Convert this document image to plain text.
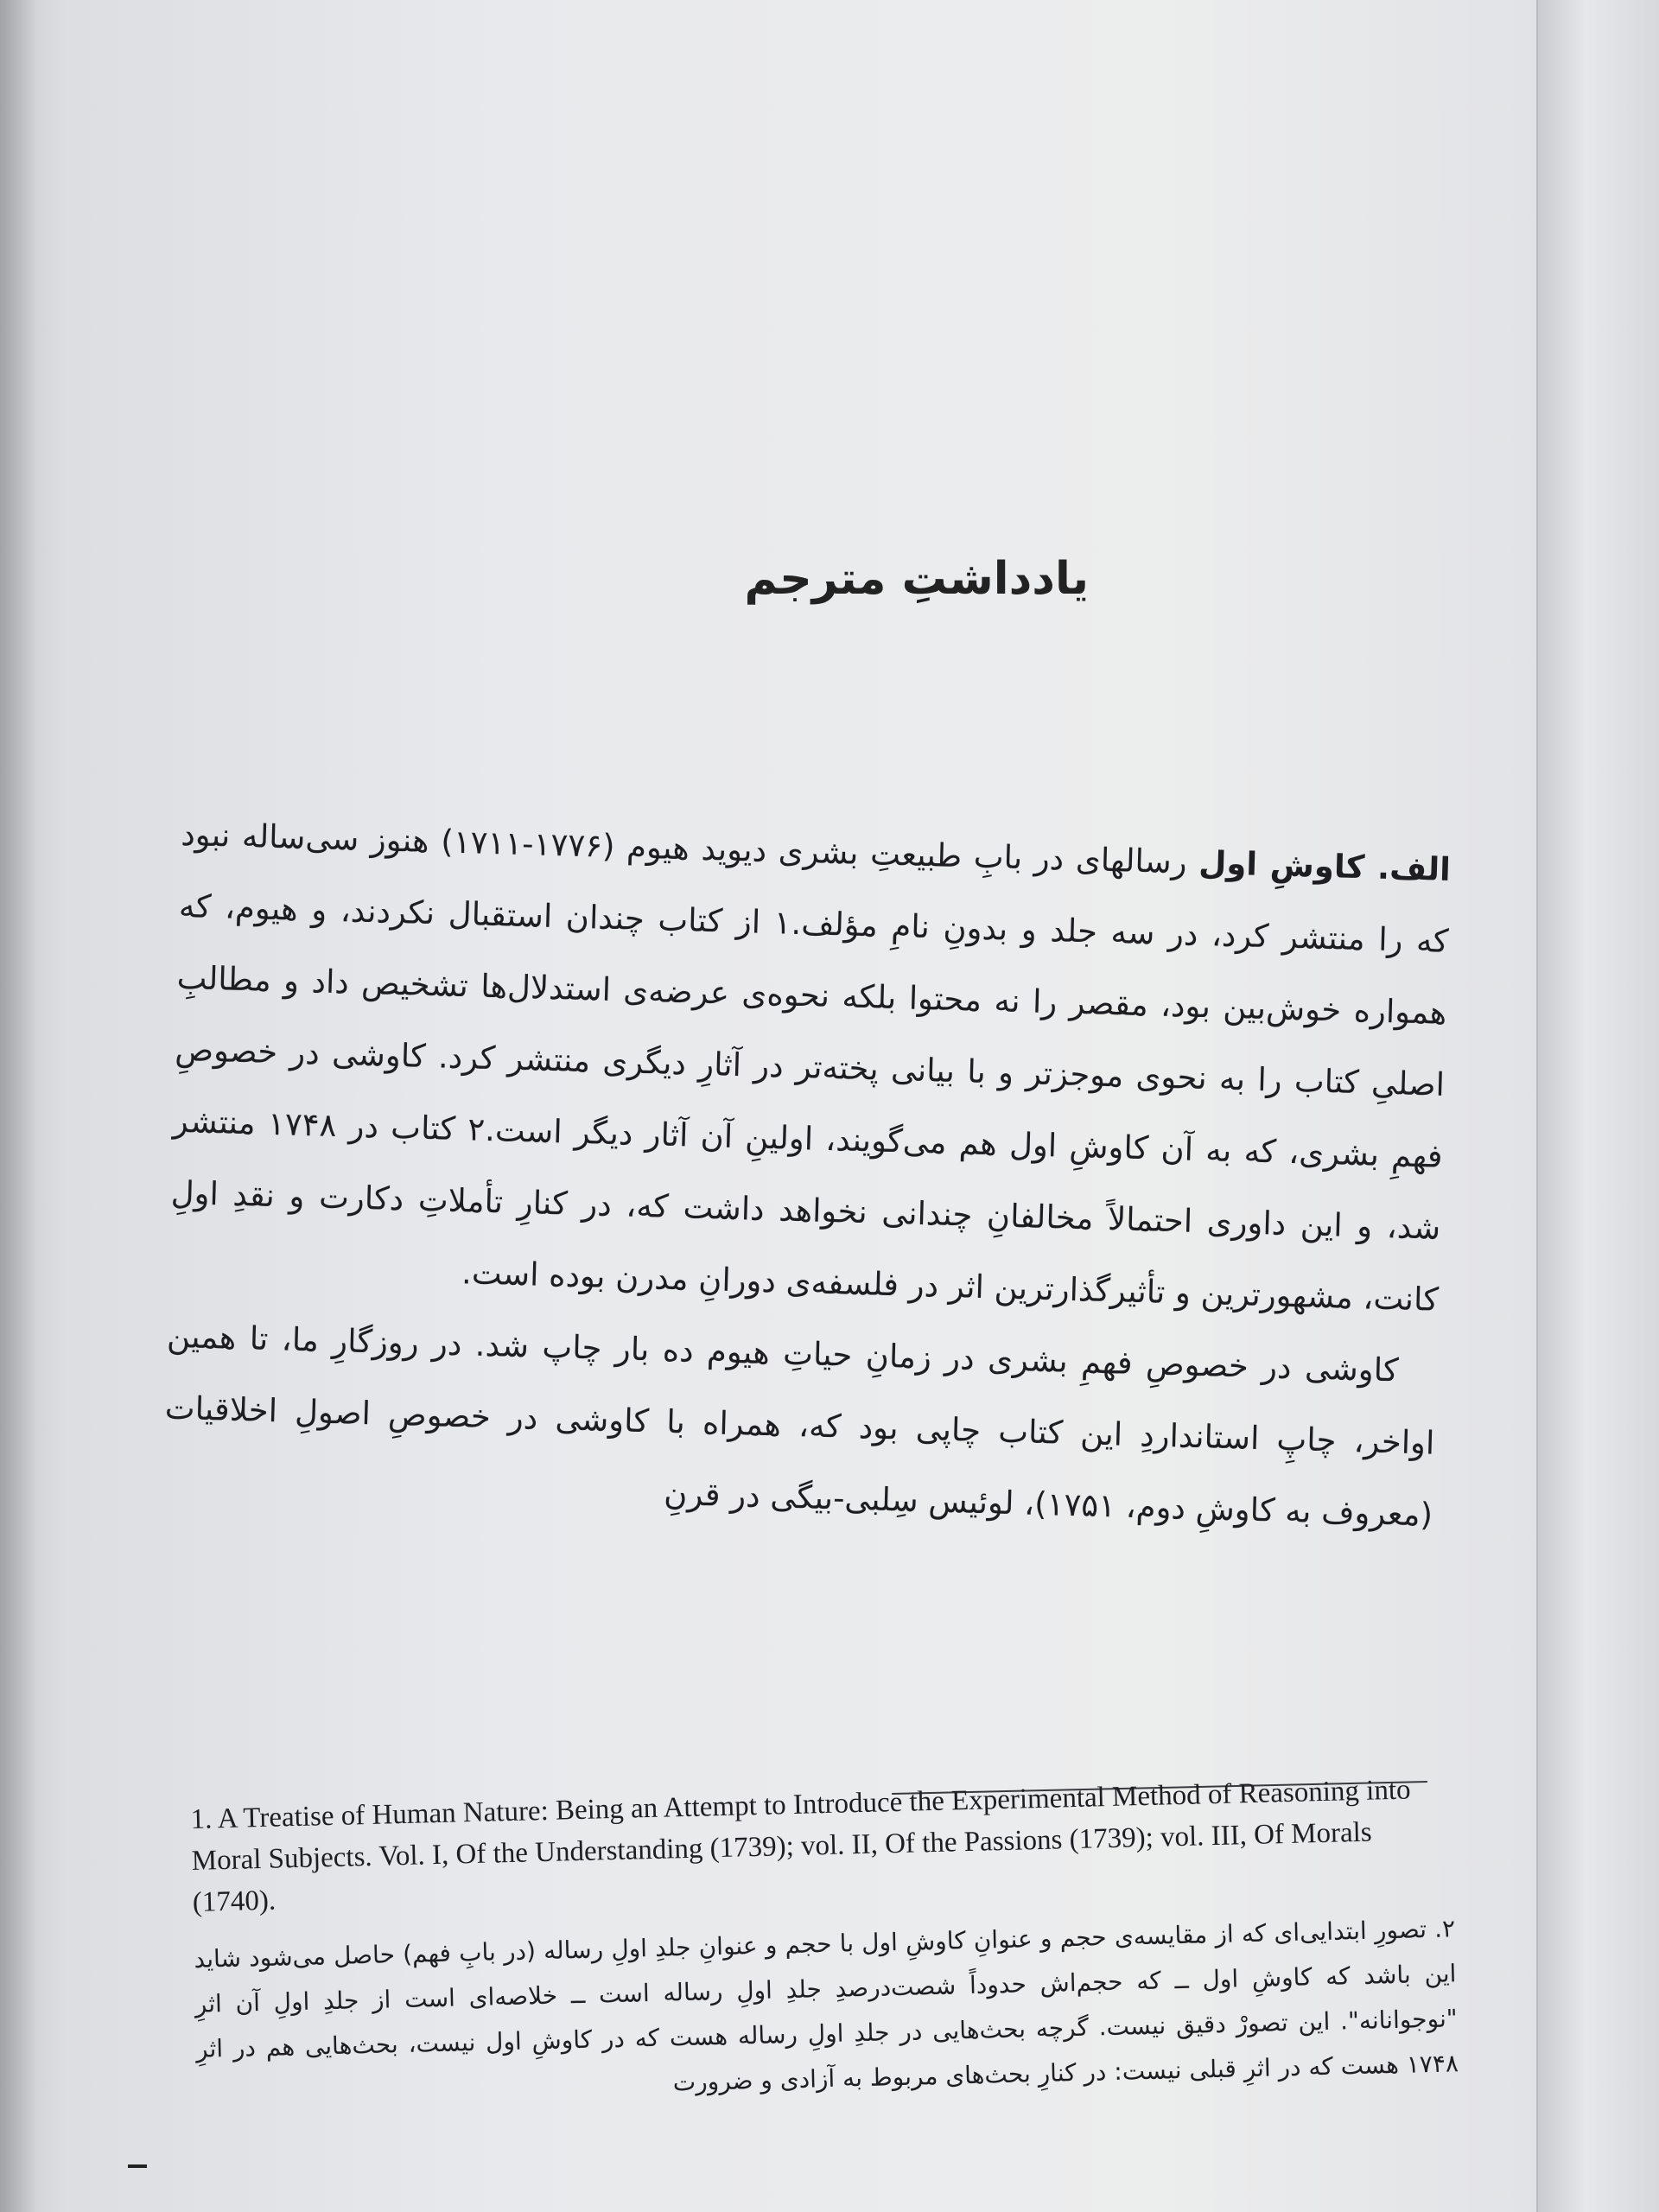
یادداشتِ مترجم

الف. کاوشِ اول رسالهای در بابِ طبیعتِ بشری دیوید هیوم (۱۷۷۶-۱۷۱۱) هنوز سی‌ساله نبود که را منتشر کرد، در سه جلد و بدونِ نامِ مؤلف.۱ از کتاب چندان استقبال نکردند، و هیوم، که همواره خوش‌بین بود، مقصر را نه محتوا بلکه نحوه‌ی عرضه‌ی استدلال‌ها تشخیص داد و مطالبِ اصلیِ کتاب را به نحوی موجزتر و با بیانی پخته‌تر در آثارِ دیگری منتشر کرد. کاوشی در خصوصِ فهمِ بشری، که به آن کاوشِ اول هم می‌گویند، اولینِ آن آثار دیگر است.۲ کتاب در ۱۷۴۸ منتشر شد، و این داوری احتمالاً مخالفانِ چندانی نخواهد داشت که، در کنارِ تأملاتِ دکارت و نقدِ اولِ کانت، مشهورترین و تأثیرگذارترین اثر در فلسفه‌ی دورانِ مدرن بوده است.

کاوشی در خصوصِ فهمِ بشری در زمانِ حیاتِ هیوم ده بار چاپ شد. در روزگارِ ما، تا همین اواخر، چاپِ استانداردِ این کتاب چاپی بود که، همراه با کاوشی در خصوصِ اصولِ اخلاقیات (معروف به کاوشِ دوم، ۱۷۵۱)، لوئیس سِلبی-بیگی در قرنِ

1. A Treatise of Human Nature: Being an Attempt to Introduce the Experimental Method of Reasoning into Moral Subjects. Vol. I, Of the Understanding (1739); vol. II, Of the Passions (1739); vol. III, Of Morals (1740).

۲. تصورِ ابتدایی‌ای که از مقایسه‌ی حجم و عنوانِ کاوشِ اول با حجم و عنوانِ جلدِ اولِ رساله (در بابِ فهم) حاصل می‌شود شاید این باشد که کاوشِ اول ــ که حجم‌اش حدوداً شصت‌درصدِ جلدِ اولِ رساله است ــ خلاصه‌ای است از جلدِ اولِ آن اثرِ "نوجوانانه". این تصورْ دقیق نیست. گرچه بحث‌هایی در جلدِ اولِ رساله هست که در کاوشِ اول نیست، بحث‌هایی هم در اثرِ ۱۷۴۸ هست که در اثرِ قبلی نیست: در کنارِ بحث‌های مربوط به آزادی و ضرورت
